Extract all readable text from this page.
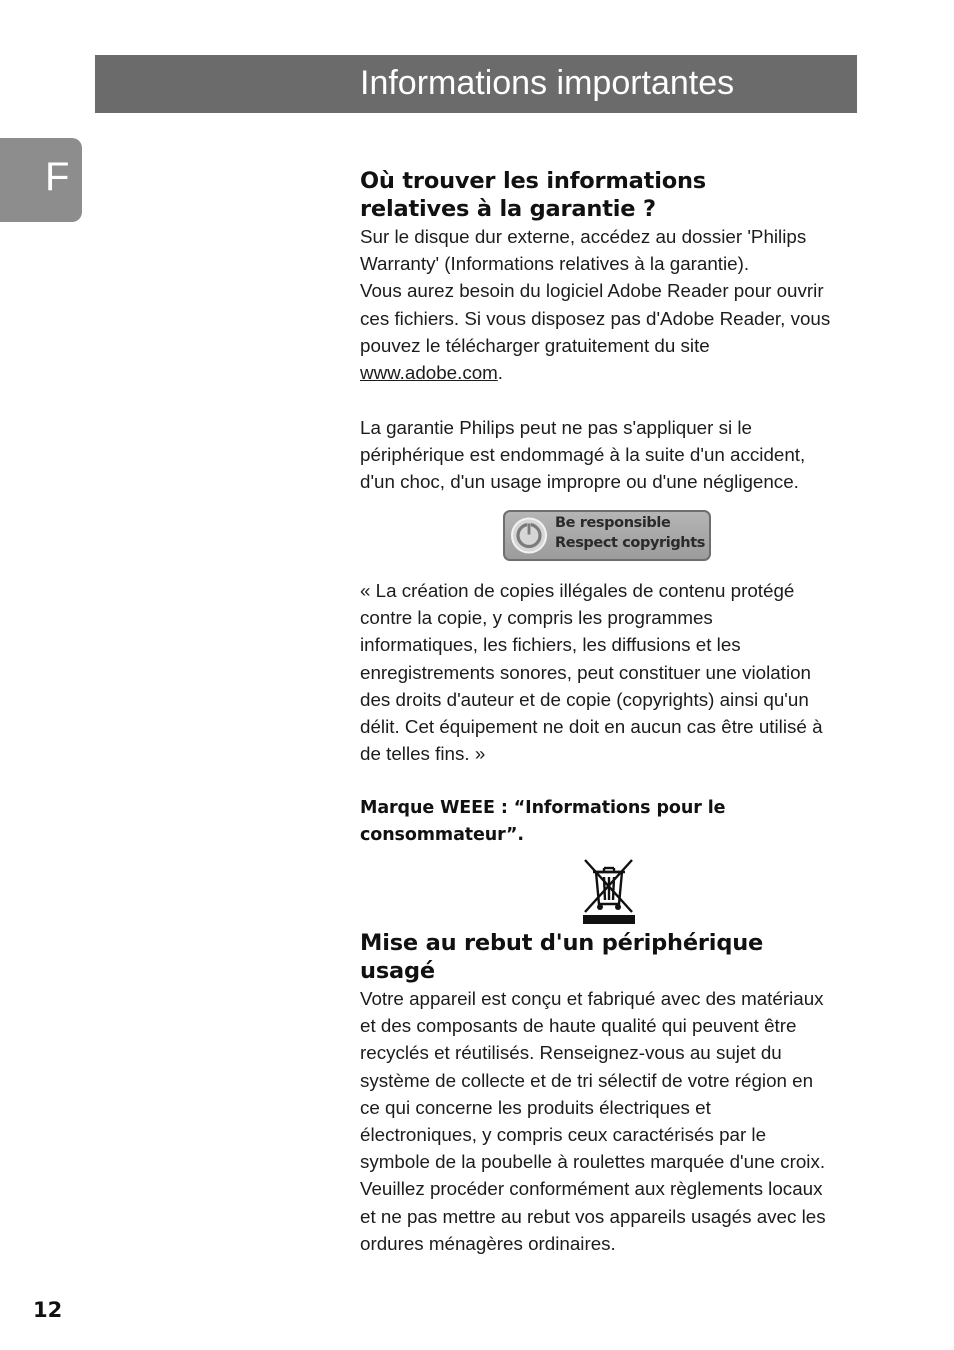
Informations importantes
F	Où trouver les informations
relatives à la garantie ?

Sur le disque dur externe, accédez au dossier 'Philips
Warranty' (Informations relatives à la garantie).
Vous aurez besoin du logiciel Adobe Reader pour ouvrir
ces fichiers. Si vous disposez pas d'Adobe Reader, vous
pouvez le télécharger gratuitement du site
www.adobe.com.

La garantie Philips peut ne pas s'appliquer si le
périphérique est endommagé à la suite d'un accident,
d'un choc, d'un usage impropre ou d'une négligence.

Be responsible
Respect copyrights

« La création de copies illégales de contenu protégé
contre la copie, y compris les programmes
informatiques, les fichiers, les diffusions et les
enregistrements sonores, peut constituer une violation
des droits d'auteur et de copie (copyrights) ainsi qu'un
délit. Cet équipement ne doit en aucun cas être utilisé à
de telles fins. »

Marque WEEE : “Informations pour le
consommateur”.
Mise au rebut d'un périphérique
usagé

Votre appareil est conçu et fabriqué avec des matériaux
et des composants de haute qualité qui peuvent être
recyclés et réutilisés. Renseignez-vous au sujet du
système de collecte et de tri sélectif de votre région en
ce qui concerne les produits électriques et
électroniques, y compris ceux caractérisés par le
symbole de la poubelle à roulettes marquée d'une croix.
Veuillez procéder conformément aux règlements locaux
et ne pas mettre au rebut vos appareils usagés avec les
ordures ménagères ordinaires.

12
